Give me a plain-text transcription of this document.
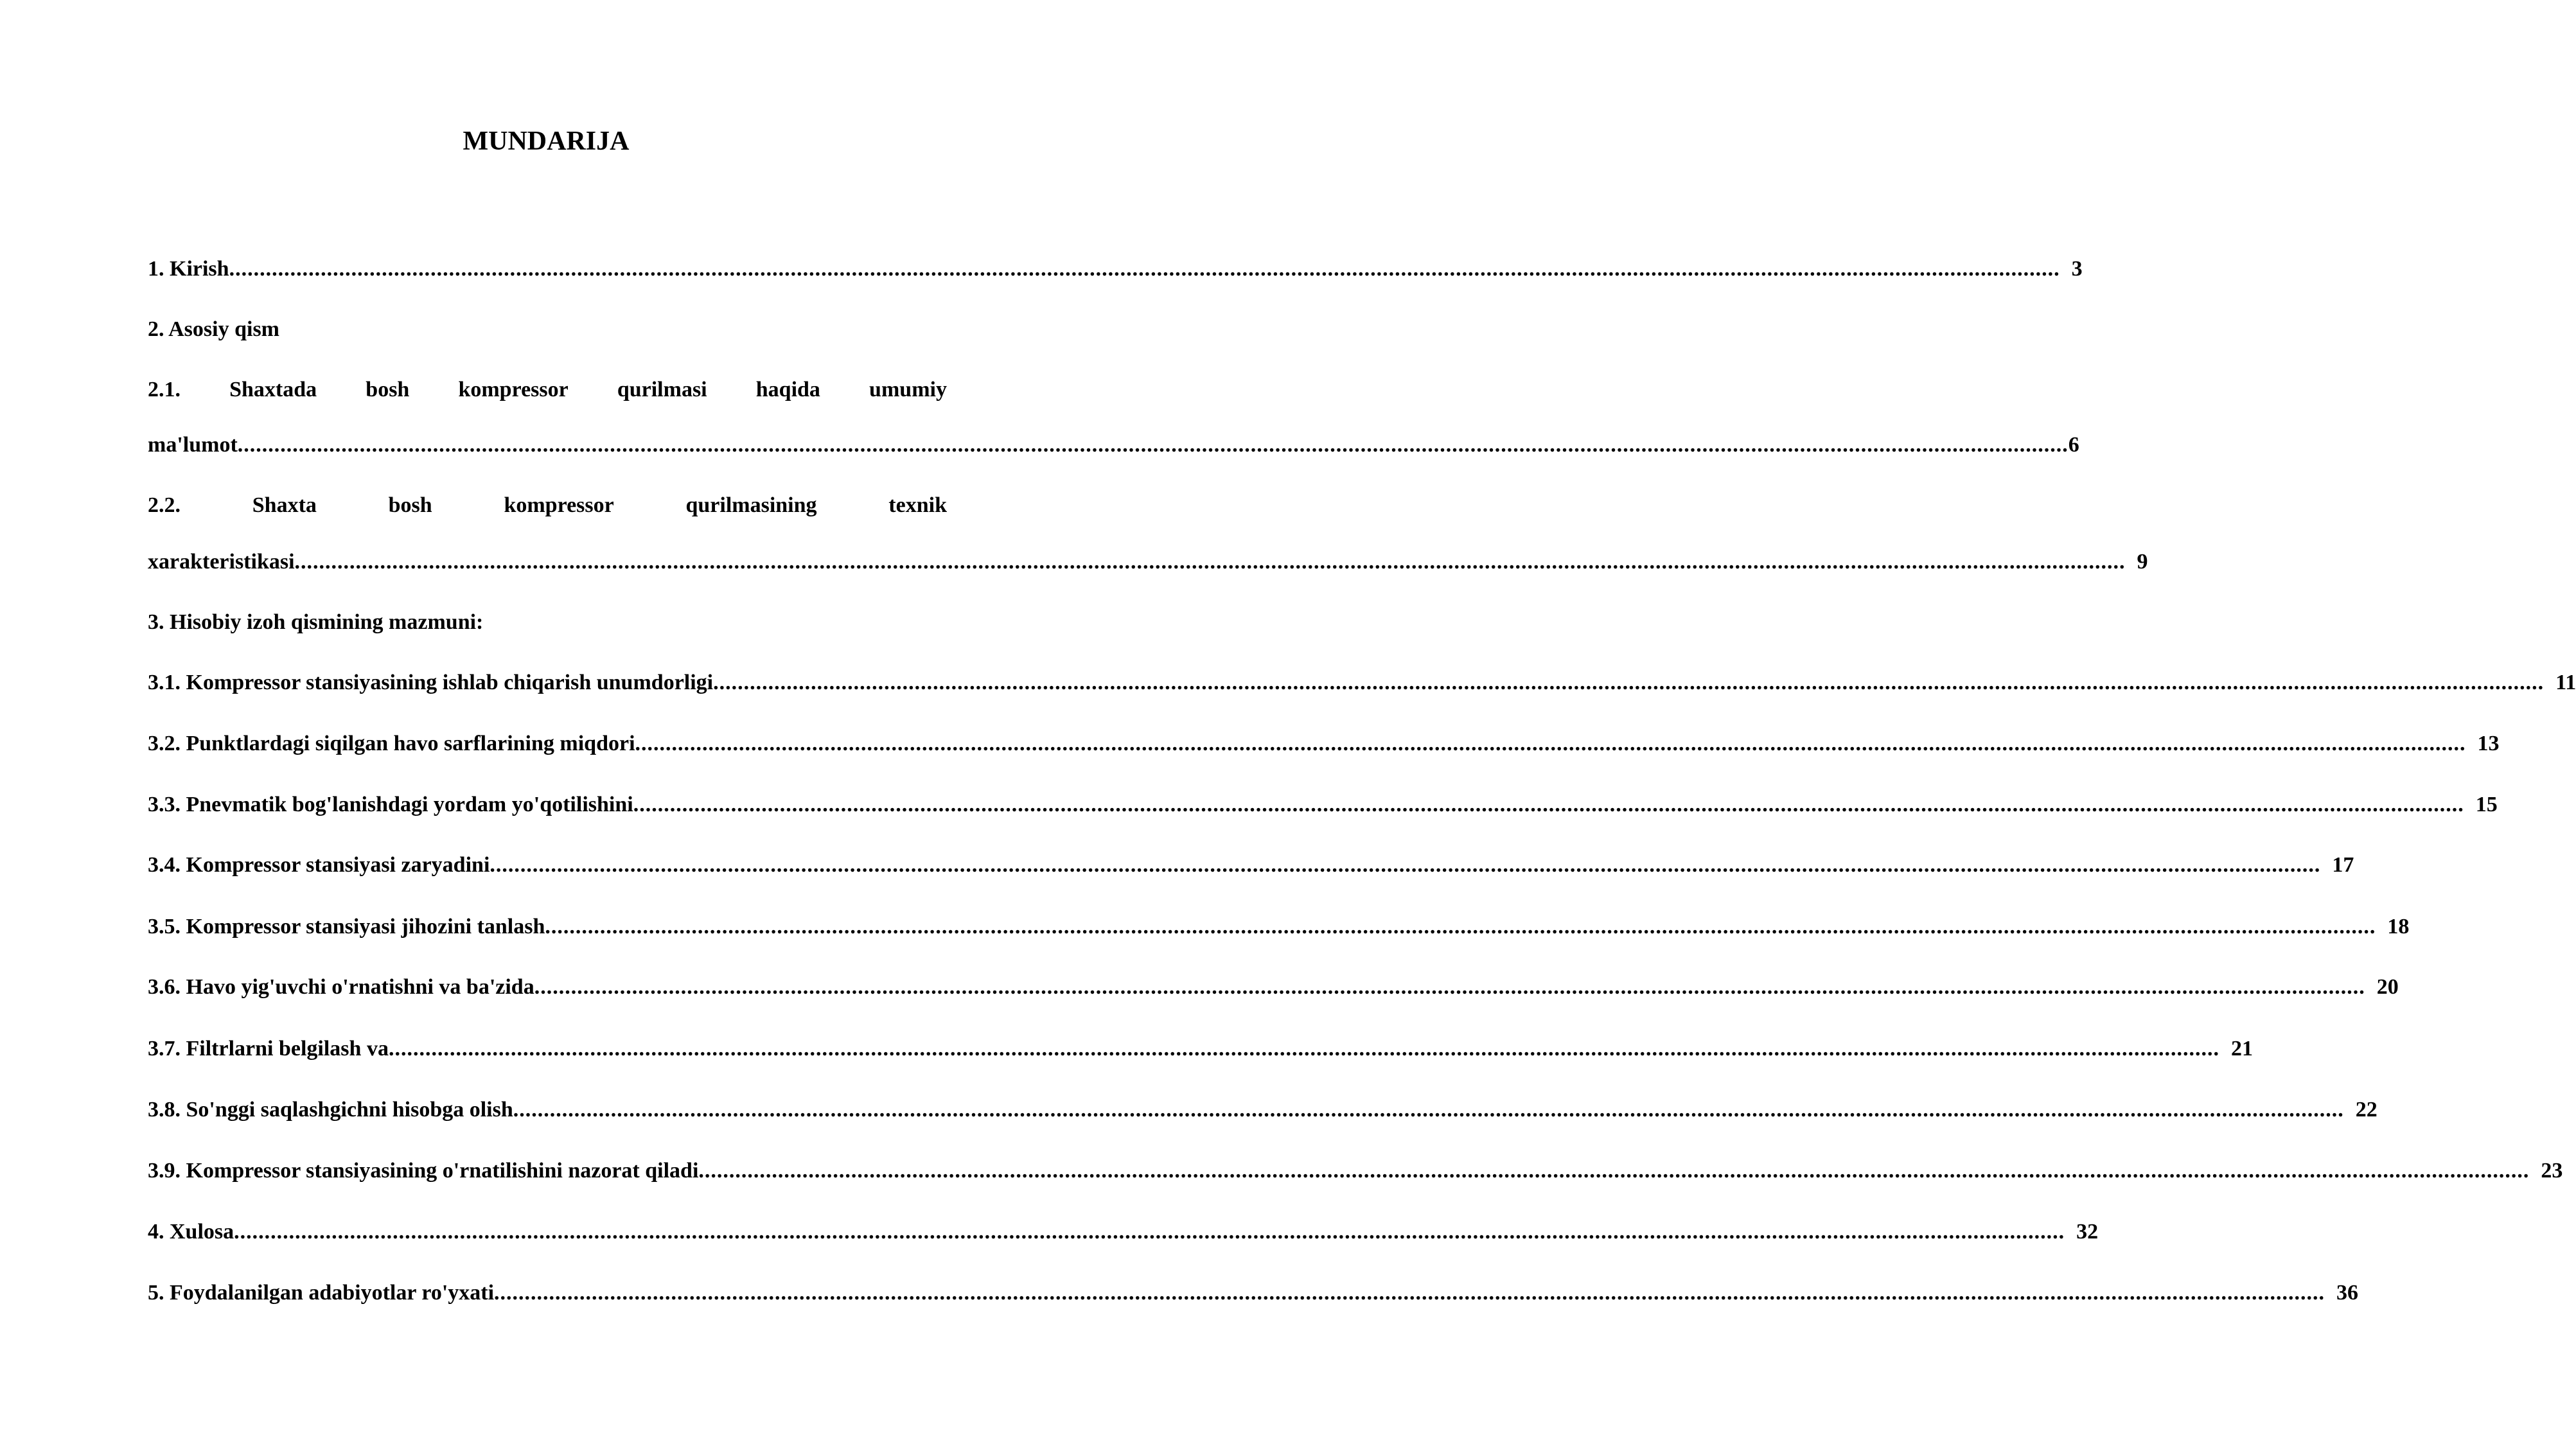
MUNDARIJA
1. Kirish ............................................................................................................................................................................................................................................................................................................ 3
2. Asosiy qism
2.1. Shaxtada bosh kompressor qurilmasi haqida umumiy
ma'lumot ............................................................................................................................................................................................................................................................................................................ 6
2.2.	Shaxta	bosh	kompressor	qurilmasining	texnik
xarakteristikasi ............................................................................................................................................................................................................................................................................................................ 9
3. Hisobiy izoh qismining mazmuni:
3.1. Kompressor stansiyasining ishlab chiqarish unumdorligi ............................................................................................................................................................................................................................................................................................................ 11
3.2. Punktlardagi siqilgan havo sarflarining miqdori ............................................................................................................................................................................................................................................................................................................ 13
3.3. Pnevmatik bog'lanishdagi yordam yo'qotilishini ............................................................................................................................................................................................................................................................................................................ 15
3.4. Kompressor stansiyasi zaryadini ............................................................................................................................................................................................................................................................................................................ 17
3.5. Kompressor stansiyasi jihozini tanlash ............................................................................................................................................................................................................................................................................................................ 18
3.6. Havo yig'uvchi o'rnatishni va ba'zida ............................................................................................................................................................................................................................................................................................................ 20
3.7. Filtrlarni belgilash va ............................................................................................................................................................................................................................................................................................................ 21
3.8. So'nggi saqlashgichni hisobga olish ............................................................................................................................................................................................................................................................................................................ 22
3.9. Kompressor stansiyasining o'rnatilishini nazorat qiladi ............................................................................................................................................................................................................................................................................................................ 23
4. Xulosa ............................................................................................................................................................................................................................................................................................................ 32
5. Foydalanilgan adabiyotlar ro'yxati ............................................................................................................................................................................................................................................................................................................ 36
